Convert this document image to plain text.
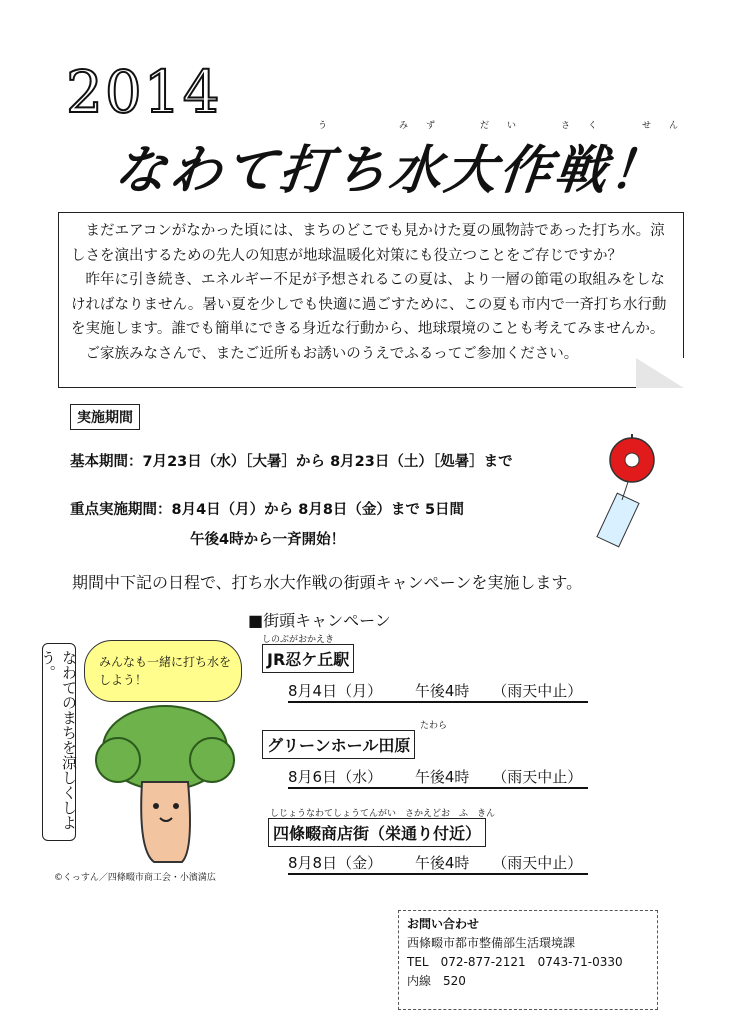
2014	う　　みず　だい　さく　せん
なわて打ち水大作戦！

まだエアコンがなかった頃には、まちのどこでも見かけた夏の風物詩であった打ち水。涼しさを演出するための先人の知恵が地球温暖化対策にも役立つことをご存じですか？

昨年に引き続き、エネルギー不足が予想されるこの夏は、より一層の節電の取組みをしなければなりません。暑い夏を少しでも快適に過ごすために、この夏も市内で一斉打ち水行動を実施します。誰でも簡単にできる身近な行動から、地球環境のことも考えてみませんか。

ご家族みなさんで、またご近所もお誘いのうえでふるってご参加ください。

実施期間
基本期間：7月23日（水）［大暑］から 8月23日（土）［処暑］まで
重点実施期間：8月4日（月）から 8月8日（金）まで 5日間
午後4時から一斉開始！
期間中下記の日程で、打ち水大作戦の街頭キャンペーンを実施します。
■街頭キャンペーン
なわてのまちを涼しくしよう。	みんなも一緒に打ち水をしよう！
©くっすん／四條畷市商工会・小濱満広
しのぶがおかえき
JR忍ケ丘駅
8月4日（月） 午後4時 （雨天中止）
たわら
グリーンホール田原
8月6日（水） 午後4時 （雨天中止）
しじょうなわてしょうてんがい　さかえどお　ふ　きん
四條畷商店街（栄通り付近）
8月8日（金） 午後4時 （雨天中止）
お問い合わせ
西條畷市都市整備部生活環境課
TEL　072-877-2121　0743-71-0330
内線　520
